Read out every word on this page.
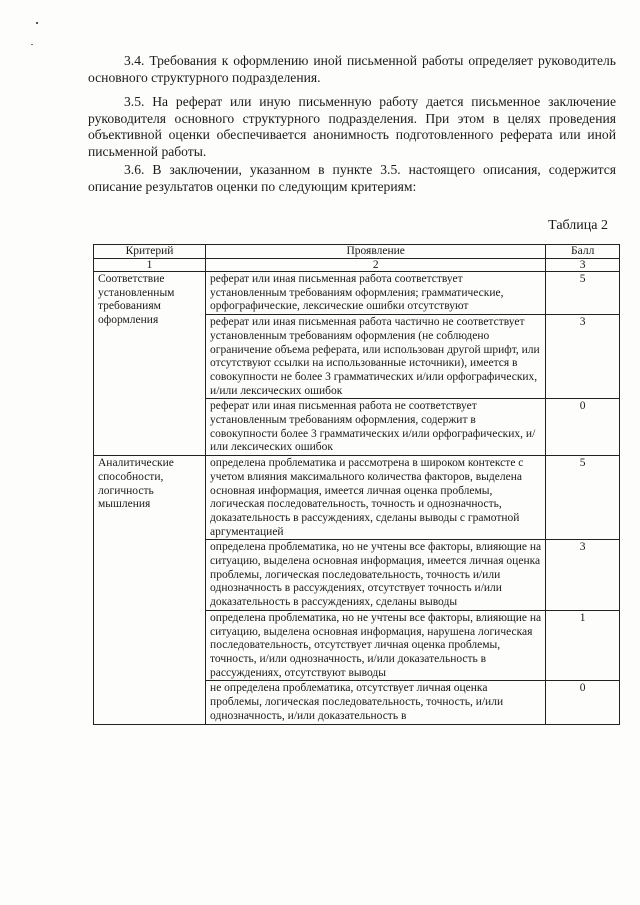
3.4. Требования к оформлению иной письменной работы определяет руководитель основного структурного подразделения.

3.5. На реферат или иную письменную работу дается письменное заключение руководителя основного структурного подразделения. При этом в целях проведения объективной оценки обеспечивается анонимность подготовленного реферата или иной письменной работы.

3.6. В заключении, указанном в пункте 3.5. настоящего описания, содержится описание результатов оценки по следующим критериям:

Таблица 2
Критерий	Проявление	Балл
1	2	3
Соответствие установленным требованиям оформления	реферат или иная письменная работа соответствует установленным требованиям оформления; грамматические, орфографические, лексические ошибки отсутствуют	5
	реферат или иная письменная работа частично не соответствует установленным требованиям оформления (не соблюдено ограничение объема реферата, или использован другой шрифт, или отсутствуют ссылки на использованные источники), имеется в совокупности не более 3 грамматических и/или орфографических, и/или лексических ошибок	3
	реферат или иная письменная работа не соответствует установленным требованиям оформления, содержит в совокупности более 3 грамматических и/или орфографических, и/или лексических ошибок	0
Аналитические способности, логичность мышления	определена проблематика и рассмотрена в широком контексте с учетом влияния максимального количества факторов, выделена основная информация, имеется личная оценка проблемы, логическая последовательность, точность и однозначность, доказательность в рассуждениях, сделаны выводы с грамотной аргументацией	5
	определена проблематика, но не учтены все факторы, влияющие на ситуацию, выделена основная информация, имеется личная оценка проблемы, логическая последовательность, точность и/или однозначность в рассуждениях, отсутствует точность и/или доказательность в рассуждениях, сделаны выводы	3
	определена проблематика, но не учтены все факторы, влияющие на ситуацию, выделена основная информация, нарушена логическая последовательность, отсутствует личная оценка проблемы, точность, и/или однозначность, и/или доказательность в рассуждениях, отсутствуют выводы	1
	не определена проблематика, отсутствует личная оценка проблемы, логическая последовательность, точность, и/или однозначность, и/или доказательность в	0
